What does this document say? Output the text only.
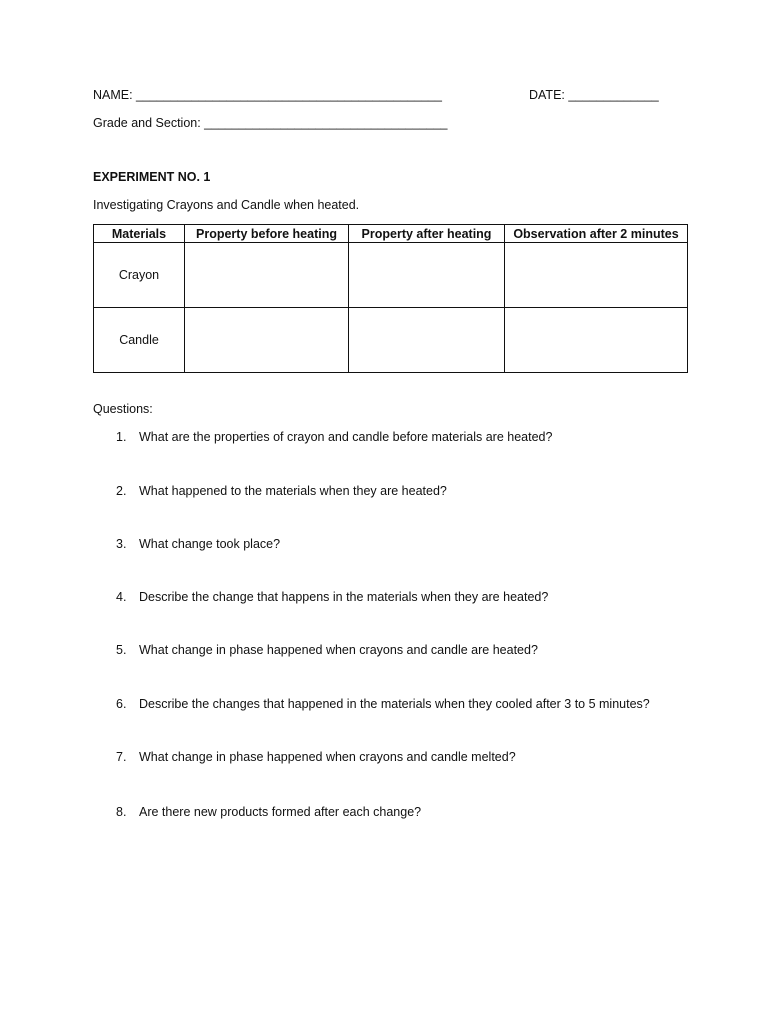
NAME: ____________________________________________	DATE: _____________
Grade and Section: ___________________________________
EXPERIMENT NO. 1
Investigating Crayons and Candle when heated.
Materials	Property before heating	Property after heating	Observation after 2 minutes
Crayon			
Candle			
Questions:
1. What are the properties of crayon and candle before materials are heated?
2. What happened to the materials when they are heated?
3. What change took place?
4. Describe the change that happens in the materials when they are heated?
5. What change in phase happened when crayons and candle are heated?
6. Describe the changes that happened in the materials when they cooled after 3 to 5 minutes?
7. What change in phase happened when crayons and candle melted?
8. Are there new products formed after each change?
